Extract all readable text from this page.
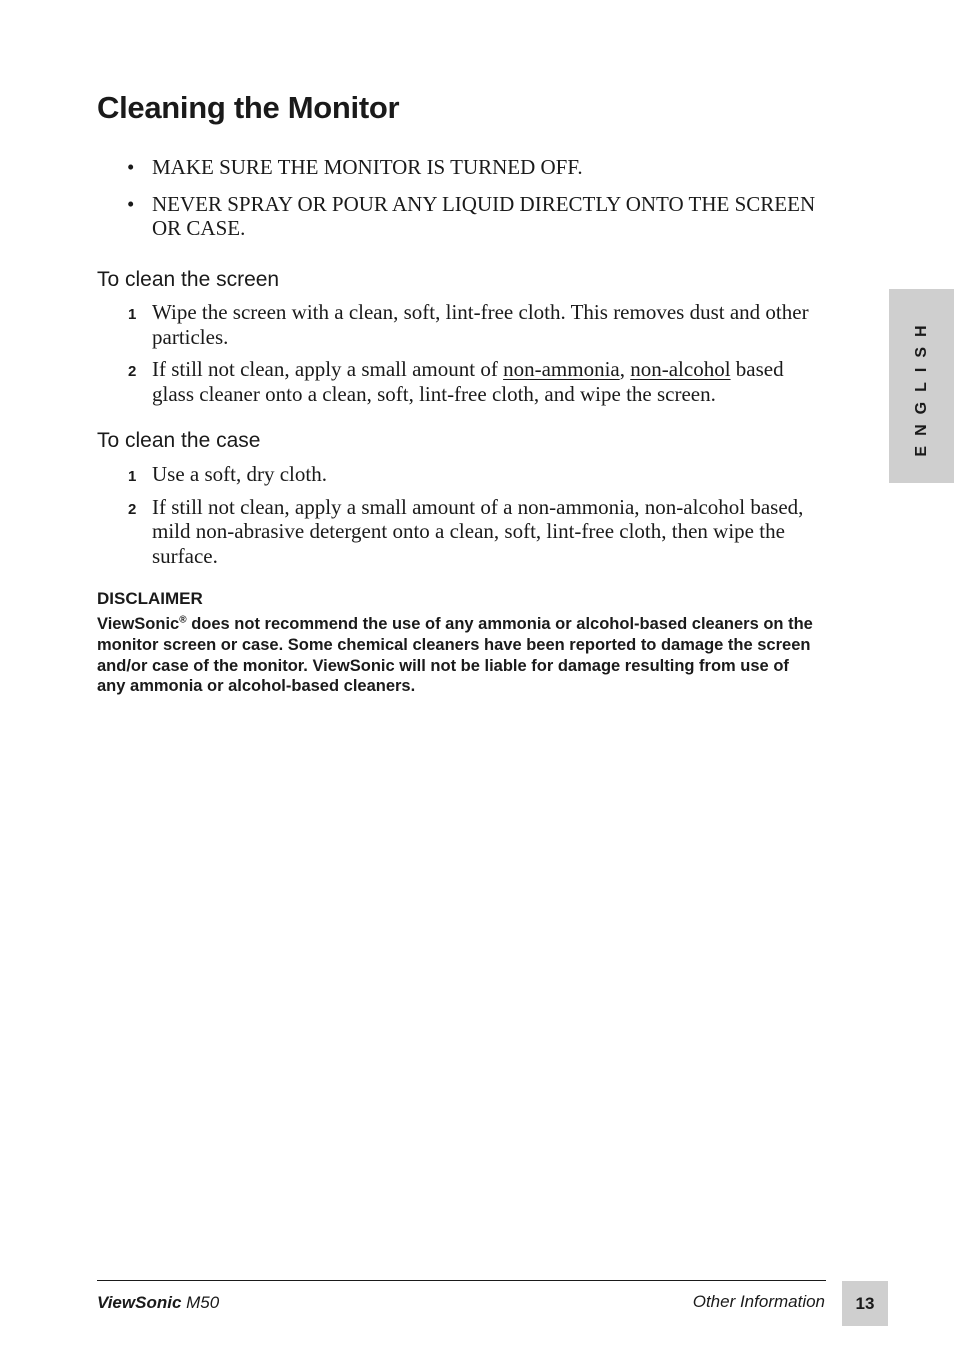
Cleaning the Monitor
• MAKE SURE THE MONITOR IS TURNED OFF.
• NEVER SPRAY OR POUR ANY LIQUID DIRECTLY ONTO THE SCREEN OR CASE.
To clean the screen
1 Wipe the screen with a clean, soft, lint-free cloth. This removes dust and other particles.
2 If still not clean, apply a small amount of non-ammonia, non-alcohol based glass cleaner onto a clean, soft, lint-free cloth, and wipe the screen.
To clean the case
1 Use a soft, dry cloth.
2 If still not clean, apply a small amount of a non-ammonia, non-alcohol based, mild non-abrasive detergent onto a clean, soft, lint-free cloth, then wipe the surface.
DISCLAIMER

ViewSonic® does not recommend the use of any ammonia or alcohol-based cleaners on the monitor screen or case. Some chemical cleaners have been reported to damage the screen and/or case of the monitor. ViewSonic will not be liable for damage resulting from use of any ammonia or alcohol-based cleaners.

ENGLISH
ViewSonic M50	Other Information	13
